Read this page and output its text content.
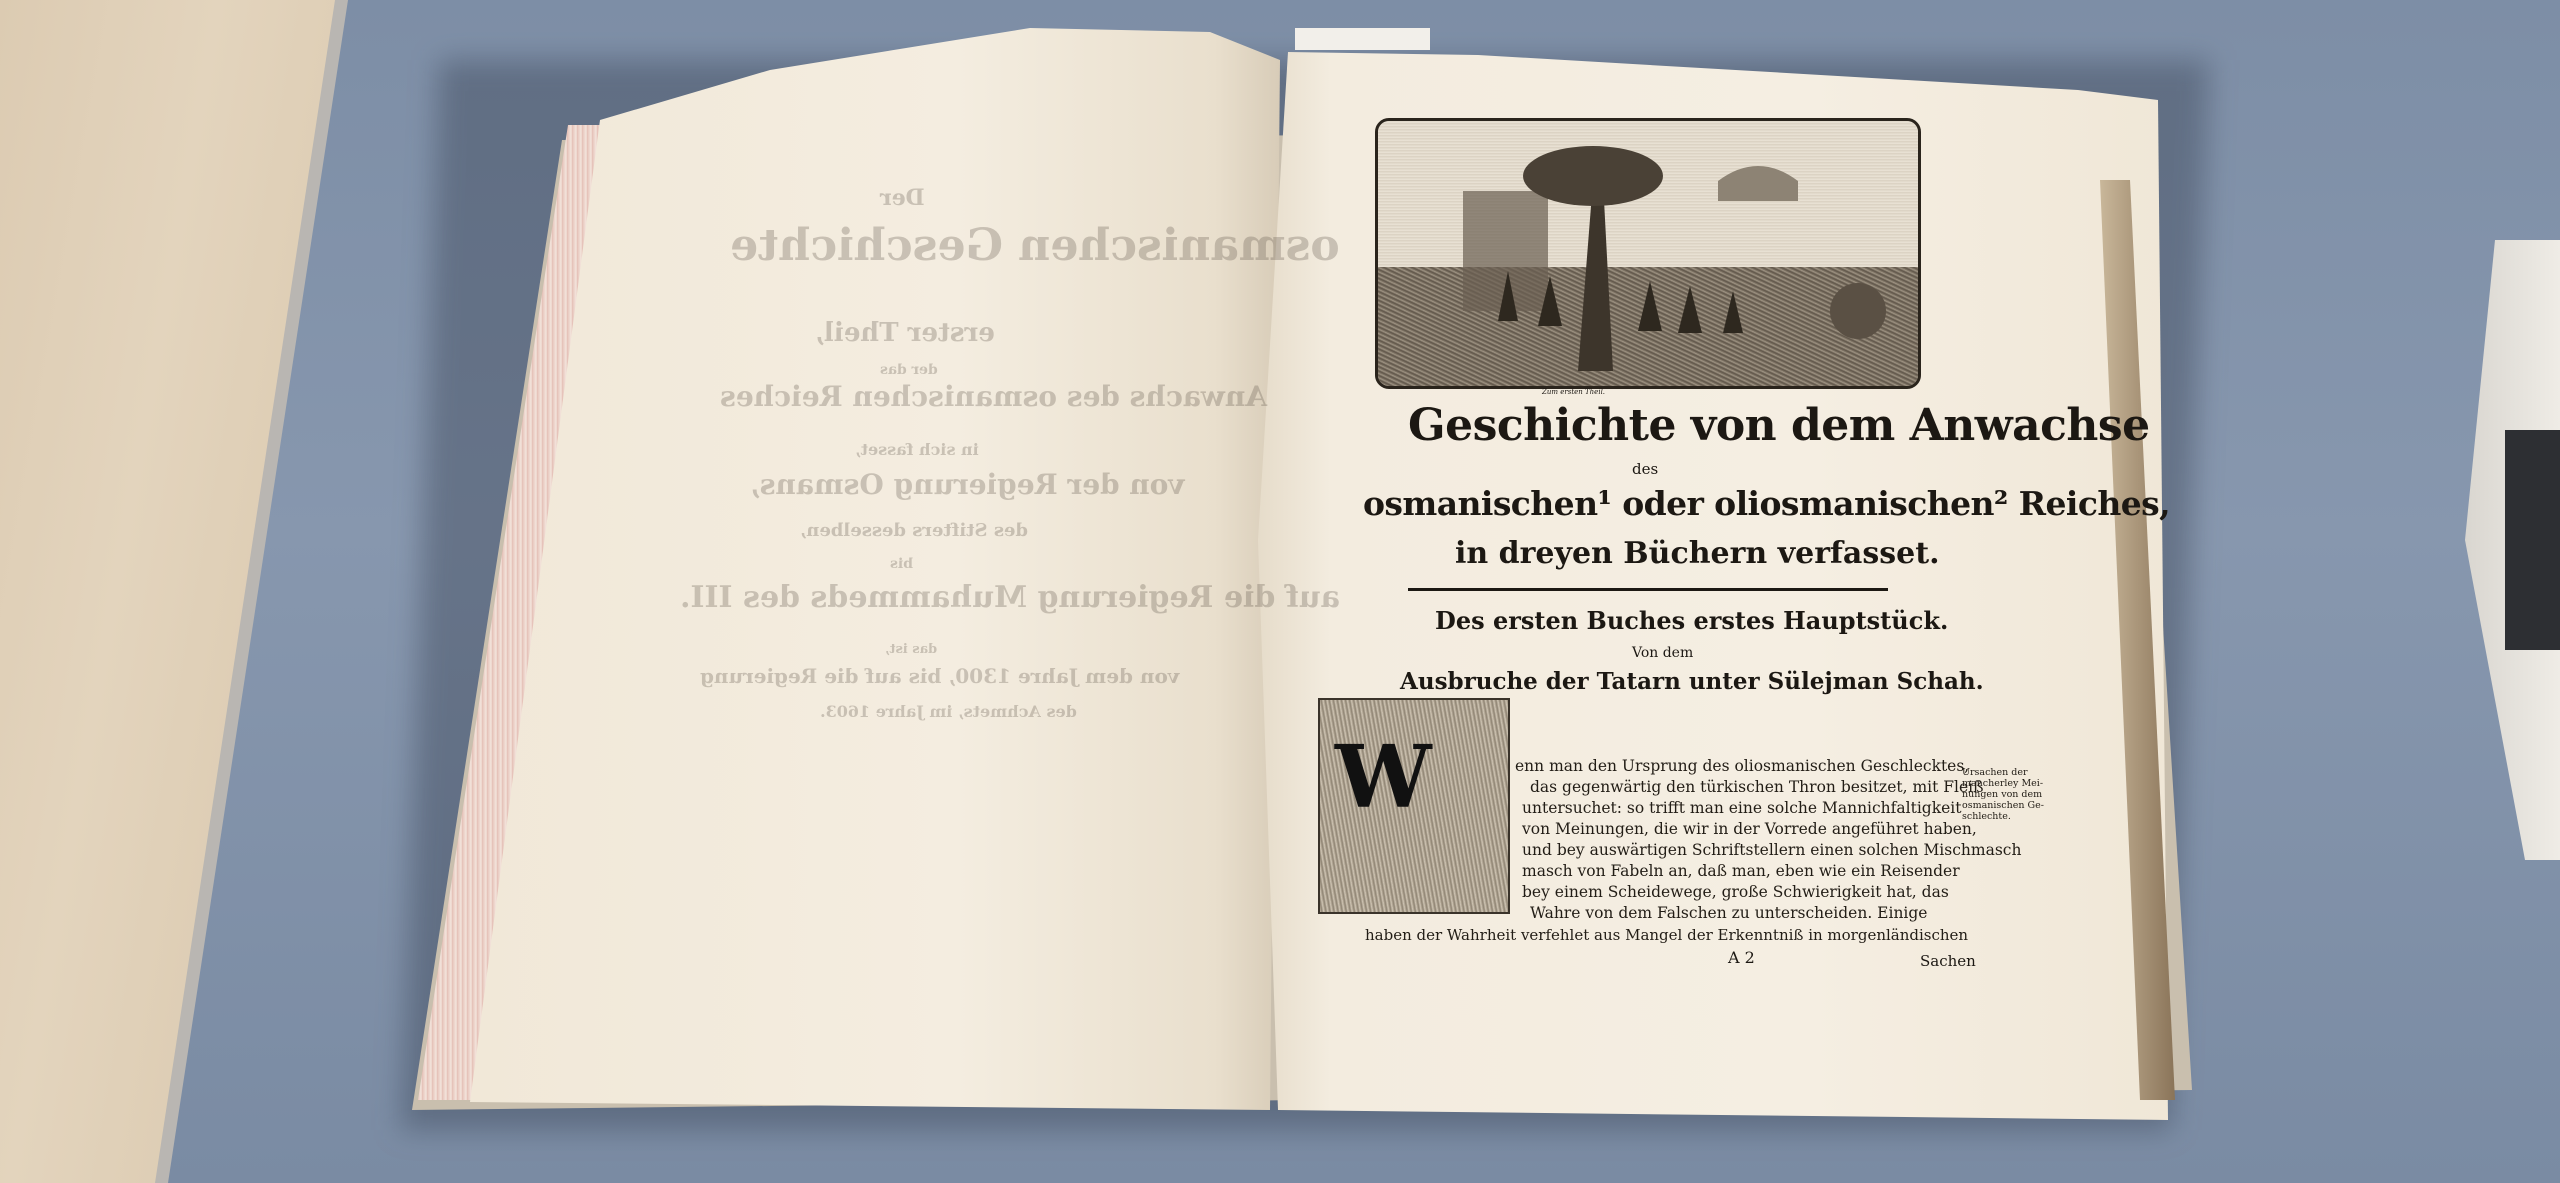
Der
osmanischen Geschichte
erster Theil,
der das
Anwachs des osmanischen Reiches
in sich fasset,
von der Regierung Osmans,
des Stifters desselben,
bis
auf die Regierung Muhammeds des III.
das ist,
von dem Jahre 1300, bis auf die Regierung
des Achmets, im Jahre 1603.
Zum ersten Theil.
Geschichte von dem Anwachse
des
osmanischen¹ oder oliosmanischen² Reiches,
in dreyen Büchern verfasset.
Des ersten Buches erstes Hauptstück.
Von dem
Ausbruche der Tatarn unter Sülejman Schah.
W	enn man den Ursprung des oliosmanischen Geschlecktes,
das gegenwärtig den türkischen Thron besitzet, mit Fleiß
untersuchet: so trifft man eine solche Mannichfaltigkeit
von Meinungen, die wir in der Vorrede angeführet haben,
und bey auswärtigen Schriftstellern einen solchen Mischmasch
masch von Fabeln an, daß man, eben wie ein Reisender
bey einem Scheidewege, große Schwierigkeit hat, das
Wahre von dem Falschen zu unterscheiden. Einige
haben der Wahrheit verfehlet aus Mangel der Erkenntniß in morgenländischen
Ursachen der
mancherley Mei-
nungen von dem
osmanischen Ge-
schlechte.
A 2	Sachen
